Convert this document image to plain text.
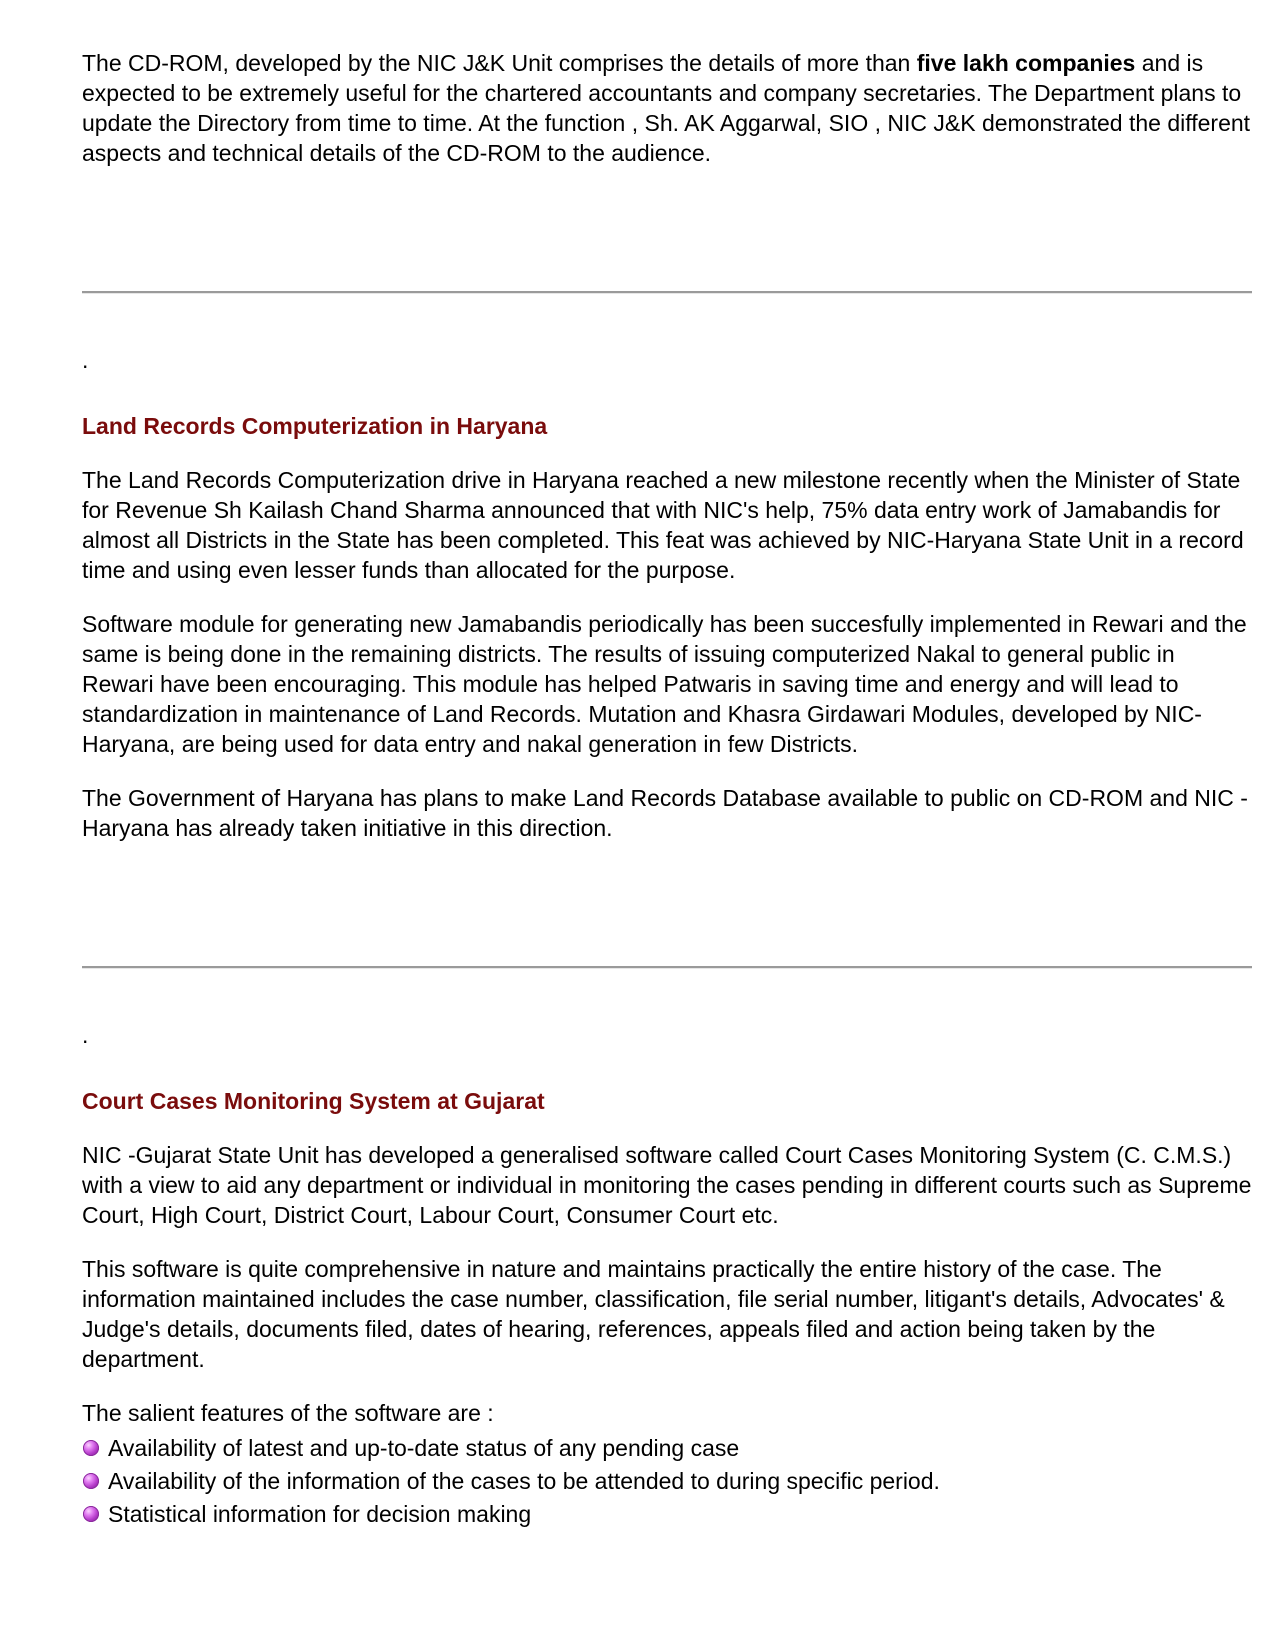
The CD-ROM, developed by the NIC J&K Unit comprises the details of more than five lakh companies and is expected to be extremely useful for the chartered accountants and company secretaries. The Department plans to update the Directory from time to time. At the function , Sh. AK Aggarwal, SIO , NIC J&K demonstrated the different aspects and technical details of the CD-ROM to the audience.

.

Land Records Computerization in Haryana

The Land Records Computerization drive in Haryana reached a new milestone recently when the Minister of State for Revenue Sh Kailash Chand Sharma announced that with NIC's help, 75% data entry work of Jamabandis for almost all Districts in the State has been completed. This feat was achieved by NIC-Haryana State Unit in a record time and using even lesser funds than allocated for the purpose.

Software module for generating new Jamabandis periodically has been succesfully implemented in Rewari and the same is being done in the remaining districts. The results of issuing computerized Nakal to general public in Rewari have been encouraging. This module has helped Patwaris in saving time and energy and will lead to standardization in maintenance of Land Records. Mutation and Khasra Girdawari Modules, developed by NIC- Haryana, are being used for data entry and nakal generation in few Districts.

The Government of Haryana has plans to make Land Records Database available to public on CD-ROM and NIC -Haryana has already taken initiative in this direction.

.

Court Cases Monitoring System at Gujarat

NIC -Gujarat State Unit has developed a generalised software called Court Cases Monitoring System (C. C.M.S.) with a view to aid any department or individual in monitoring the cases pending in different courts such as Supreme Court, High Court, District Court, Labour Court, Consumer Court etc.

This software is quite comprehensive in nature and maintains practically the entire history of the case. The information maintained includes the case number, classification, file serial number, litigant's details, Advocates' & Judge's details, documents filed, dates of hearing, references, appeals filed and action being taken by the department.

The salient features of the software are :

Availability of latest and up-to-date status of any pending case
Availability of the information of the cases to be attended to during specific period.
Statistical information for decision making
